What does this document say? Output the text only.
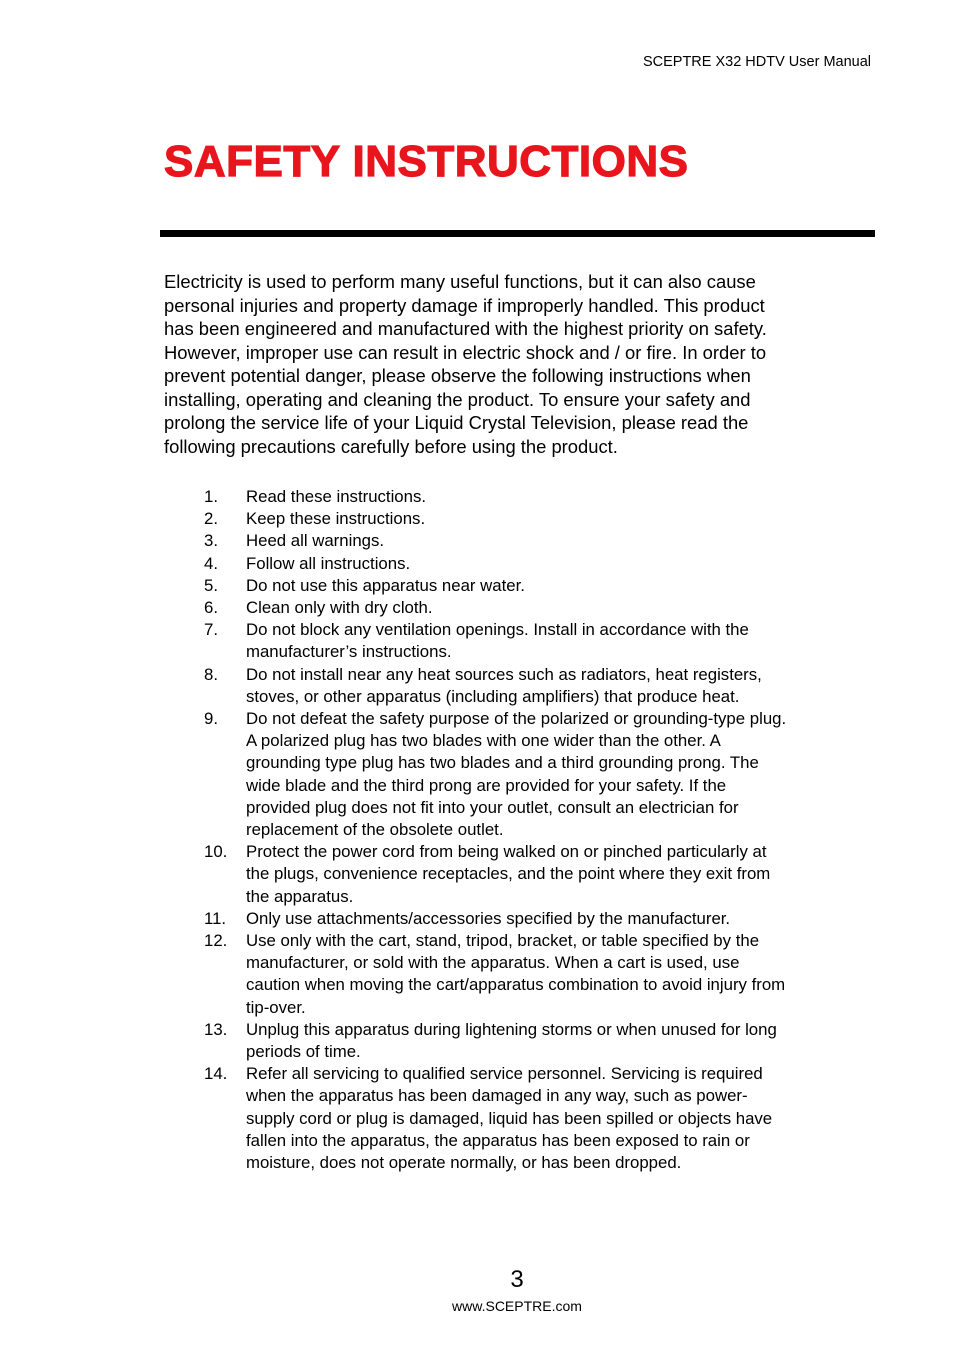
SCEPTRE X32 HDTV User Manual
SAFETY INSTRUCTIONS

Electricity is used to perform many useful functions, but it can also cause
personal injuries and property damage if improperly handled. This product
has been engineered and manufactured with the highest priority on safety.
However, improper use can result in electric shock and / or fire. In order to
prevent potential danger, please observe the following instructions when
installing, operating and cleaning the product. To ensure your safety and
prolong the service life of your Liquid Crystal Television, please read the
following precautions carefully before using the product.

1.	Read these instructions.
2.	Keep these instructions.
3.	Heed all warnings.
4.	Follow all instructions.
5.	Do not use this apparatus near water.
6.	Clean only with dry cloth.
7.	Do not block any ventilation openings. Install in accordance with the
manufacturer’s instructions.
8.	Do not install near any heat sources such as radiators, heat registers,
stoves, or other apparatus (including amplifiers) that produce heat.
9.	Do not defeat the safety purpose of the polarized or grounding-type plug.
A polarized plug has two blades with one wider than the other. A
grounding type plug has two blades and a third grounding prong. The
wide blade and the third prong are provided for your safety. If the
provided plug does not fit into your outlet, consult an electrician for
replacement of the obsolete outlet.
10.	Protect the power cord from being walked on or pinched particularly at
the plugs, convenience receptacles, and the point where they exit from
the apparatus.
11.	Only use attachments/accessories specified by the manufacturer.
12.	Use only with the cart, stand, tripod, bracket, or table specified by the
manufacturer, or sold with the apparatus. When a cart is used, use
caution when moving the cart/apparatus combination to avoid injury from
tip-over.
13.	Unplug this apparatus during lightening storms or when unused for long
periods of time.
14.	Refer all servicing to qualified service personnel. Servicing is required
when the apparatus has been damaged in any way, such as power-
supply cord or plug is damaged, liquid has been spilled or objects have
fallen into the apparatus, the apparatus has been exposed to rain or
moisture, does not operate normally, or has been dropped.
3
www.SCEPTRE.com
